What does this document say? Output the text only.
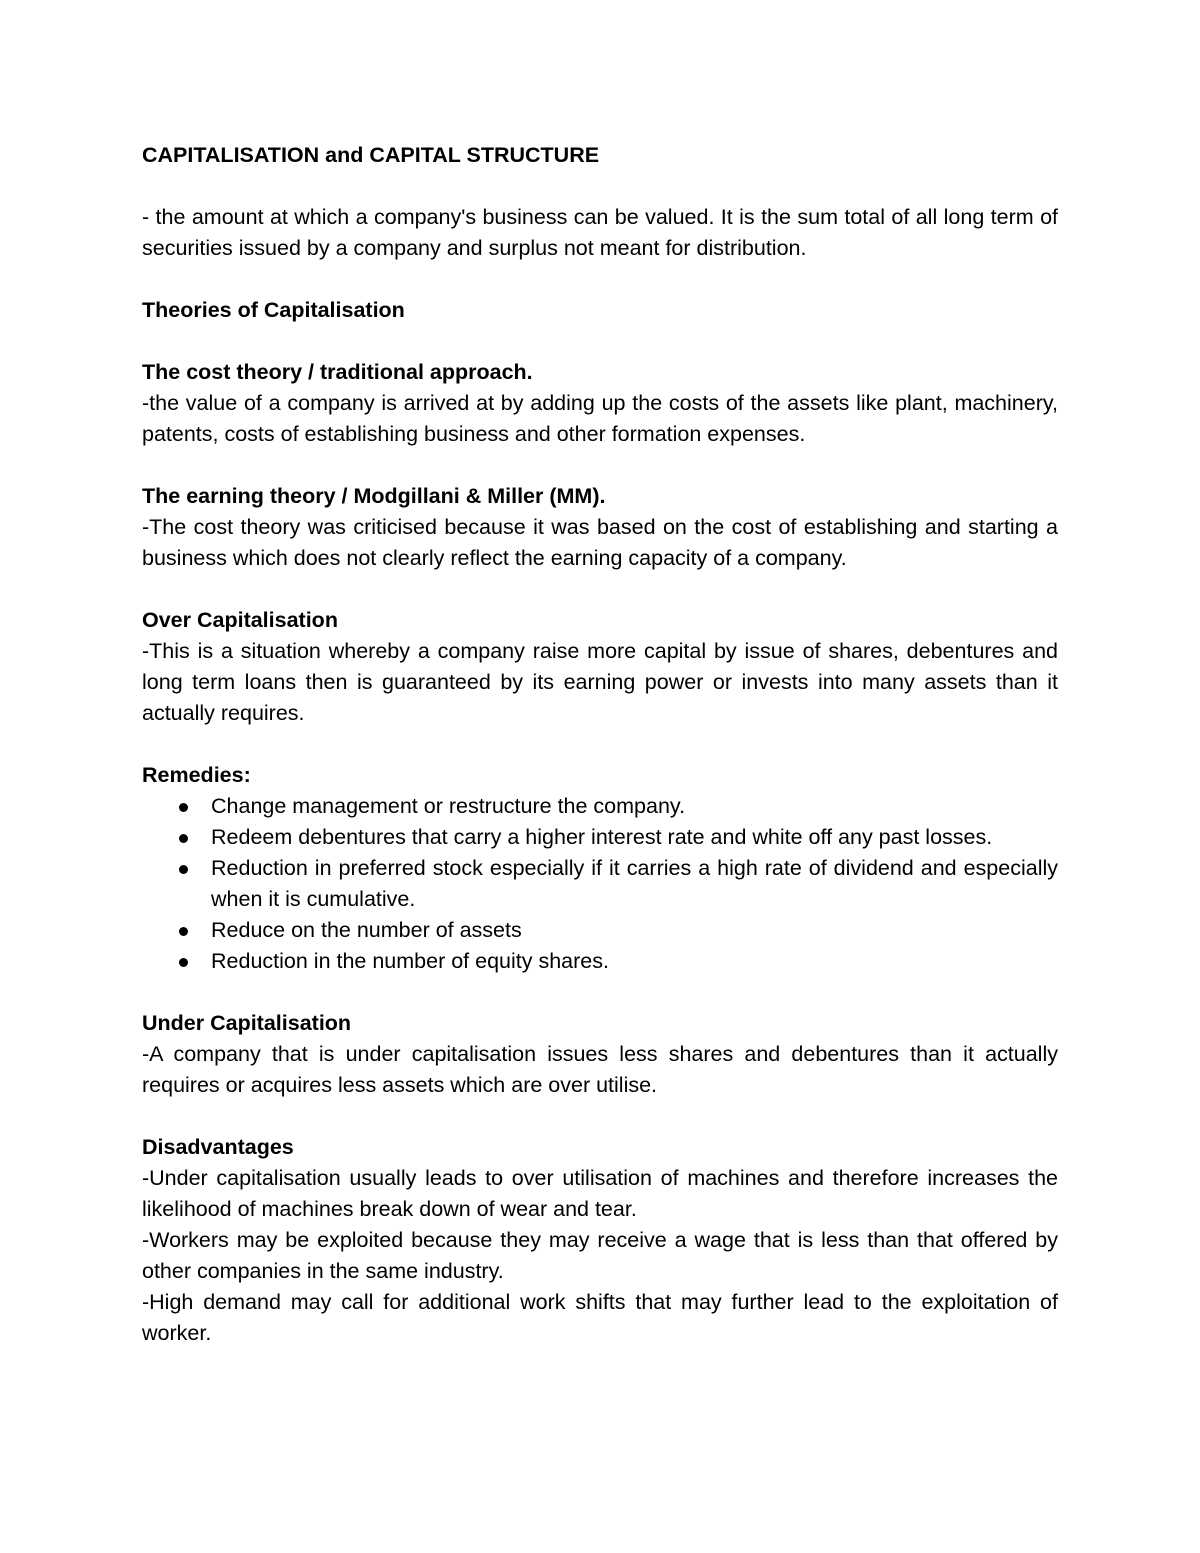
CAPITALISATION and CAPITAL STRUCTURE

- the amount at which a company's business can be valued. It is the sum total of all long term of securities issued by a company and surplus not meant for distribution.

Theories of Capitalisation

The cost theory / traditional approach.

-the value of a company is arrived at by adding up the costs of the assets like plant, machinery, patents, costs of establishing business and other formation expenses.

The earning theory / Modgillani & Miller (MM).

-The cost theory was criticised because it was based on the cost of establishing and starting a business which does not clearly reflect the earning capacity of a company.

Over Capitalisation

-This is a situation whereby a company raise more capital by issue of shares, debentures and long term loans then is guaranteed by its earning power or invests into many assets than it actually requires.

Remedies:

Change management or restructure the company.
Redeem debentures that carry a higher interest rate and white off any past losses.
Reduction in preferred stock especially if it carries a high rate of dividend and especially when it is cumulative.
Reduce on the number of assets
Reduction in the number of equity shares.

Under Capitalisation

-A company that is under capitalisation issues less shares and debentures than it actually requires or acquires less assets which are over utilise.

Disadvantages

-Under capitalisation usually leads to over utilisation of machines and therefore increases the likelihood of machines break down of wear and tear.

-Workers may be exploited because they may receive a wage that is less than that offered by other companies in the same industry.

-High demand may call for additional work shifts that may further lead to the exploitation of worker.
